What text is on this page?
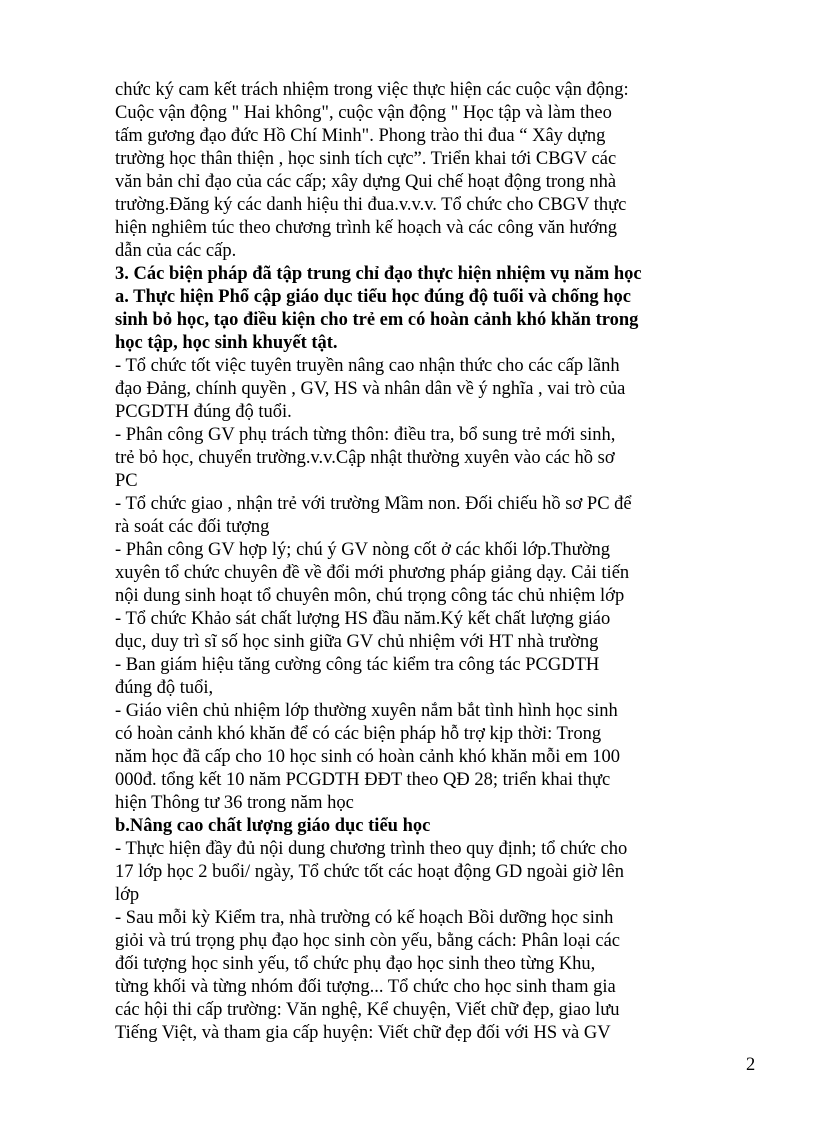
chức ký cam kết trách nhiệm trong việc thực hiện các cuộc vận động:

Cuộc vận động " Hai không", cuộc vận động " Học tập và làm theo

tấm gương đạo đức Hồ Chí Minh". Phong trào thi đua “ Xây dựng

trường học thân thiện , học sinh tích cực”. Triển khai tới CBGV các

văn bản chỉ đạo của các cấp; xây dựng Qui chế hoạt động trong nhà

trường.Đăng ký các danh hiệu thi đua.v.v.v. Tổ chức cho CBGV thực

hiện nghiêm túc theo chương trình kế hoạch và các công văn hướng

dẫn của các cấp.

3. Các biện pháp đã tập trung chỉ đạo thực hiện nhiệm vụ năm học

a. Thực hiện Phổ cập giáo dục tiểu học đúng độ tuổi và chống học

sinh bỏ học, tạo điều kiện cho trẻ em có hoàn cảnh khó khăn trong

học tập, học sinh khuyết tật.

- Tổ chức tốt việc tuyên truyền nâng cao nhận thức cho các cấp lãnh

đạo Đảng, chính quyền , GV, HS và nhân dân về ý nghĩa , vai trò của

PCGDTH đúng độ tuổi.

- Phân công GV phụ trách từng thôn: điều tra, bổ sung trẻ mới sinh,

trẻ bỏ học, chuyển trường.v.v.Cập nhật thường xuyên vào các hồ sơ

PC

- Tổ chức giao , nhận trẻ với trường Mầm non. Đối chiếu hồ sơ PC để

rà soát các đối tượng

- Phân công GV hợp lý; chú ý GV nòng cốt ở các khối lớp.Thường

xuyên tổ chức chuyên đề về đổi mới phương pháp giảng dạy. Cải tiến

nội dung sinh hoạt tổ chuyên môn, chú trọng công tác chủ nhiệm lớp

- Tổ chức Khảo sát chất lượng HS đầu năm.Ký kết chất lượng giáo

dục, duy trì sĩ số học sinh giữa GV chủ nhiệm với HT nhà trường

- Ban giám hiệu tăng cường công tác kiểm tra công tác PCGDTH

đúng độ tuổi,

- Giáo viên chủ nhiệm lớp thường xuyên nắm bắt tình hình học sinh

có hoàn cảnh khó khăn để có các biện pháp hỗ trợ kịp thời: Trong

năm học đã cấp cho 10 học sinh có hoàn cảnh khó khăn mỗi em 100

000đ. tổng kết 10 năm PCGDTH ĐĐT theo QĐ 28; triển khai thực

hiện Thông tư 36 trong năm học

b.Nâng cao chất lượng giáo dục tiểu học

- Thực hiện đầy đủ nội dung chương trình theo quy định; tổ chức cho

17 lớp học 2 buổi/ ngày, Tổ chức tốt các hoạt động GD ngoài giờ lên

lớp

- Sau mỗi kỳ Kiểm tra, nhà trường có kế hoạch Bồi dưỡng học sinh

giỏi và trú trọng phụ đạo học sinh còn yếu, bằng cách: Phân loại các

đối tượng học sinh yếu, tổ chức phụ đạo học sinh theo từng Khu,

từng khối và từng nhóm đối tượng... Tổ chức cho học sinh tham gia

các hội thi cấp trường: Văn nghệ, Kể chuyện, Viết chữ đẹp, giao lưu

Tiếng Việt, và tham gia cấp huyện: Viết chữ đẹp đối với HS và GV

2
